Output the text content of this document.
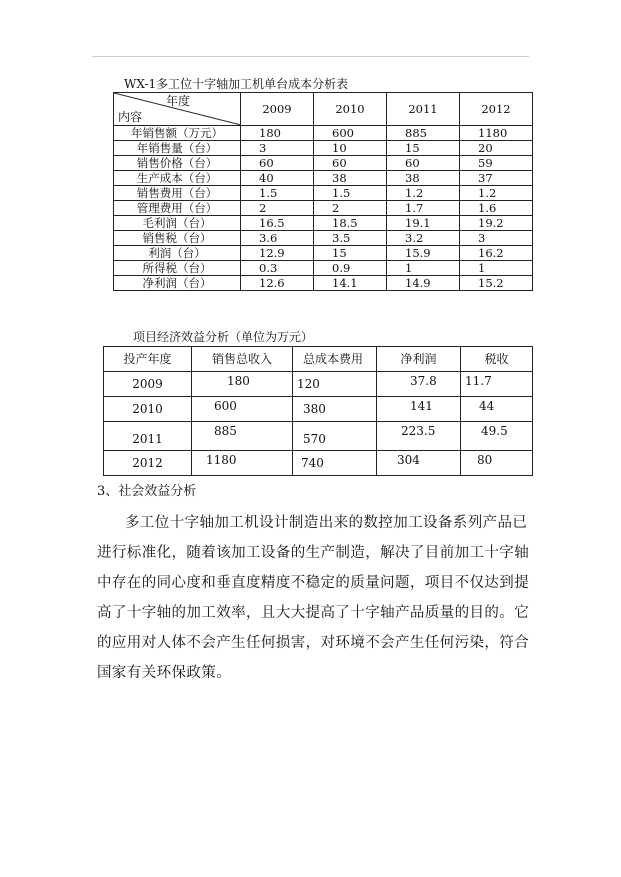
WX-1多工位十字轴加工机单台成本分析表
年度
内容	2009	2010	2011	2012
年销售额（万元）	180	600	885	1180
年销售量（台）	3	10	15	20
销售价格（台）	60	60	60	59
生产成本（台）	40	38	38	37
销售费用（台）	1.5	1.5	1.2	1.2
管理费用（台）	2	2	1.7	1.6
毛利润（台）	16.5	18.5	19.1	19.2
销售税（台）	3.6	3.5	3.2	3
利润（台）	12.9	15	15.9	16.2
所得税（台）	0.3	0.9	1	1
净利润（台）	12.6	14.1	14.9	15.2
项目经济效益分析（单位为万元）
投产年度	销售总收入	总成本费用	净利润	税收
2009	180	120	37.8	11.7
2010	600	380	141	44
2011	885	570	223.5	49.5
2012	1180	740	304	80
3、社会效益分析
多工位十字轴加工机设计制造出来的数控加工设备系列产品已
进行标准化，随着该加工设备的生产制造，解决了目前加工十字轴
中存在的同心度和垂直度精度不稳定的质量问题，项目不仅达到提
高了十字轴的加工效率，且大大提高了十字轴产品质量的目的。它
的应用对人体不会产生任何损害，对环境不会产生任何污染，符合
国家有关环保政策。
